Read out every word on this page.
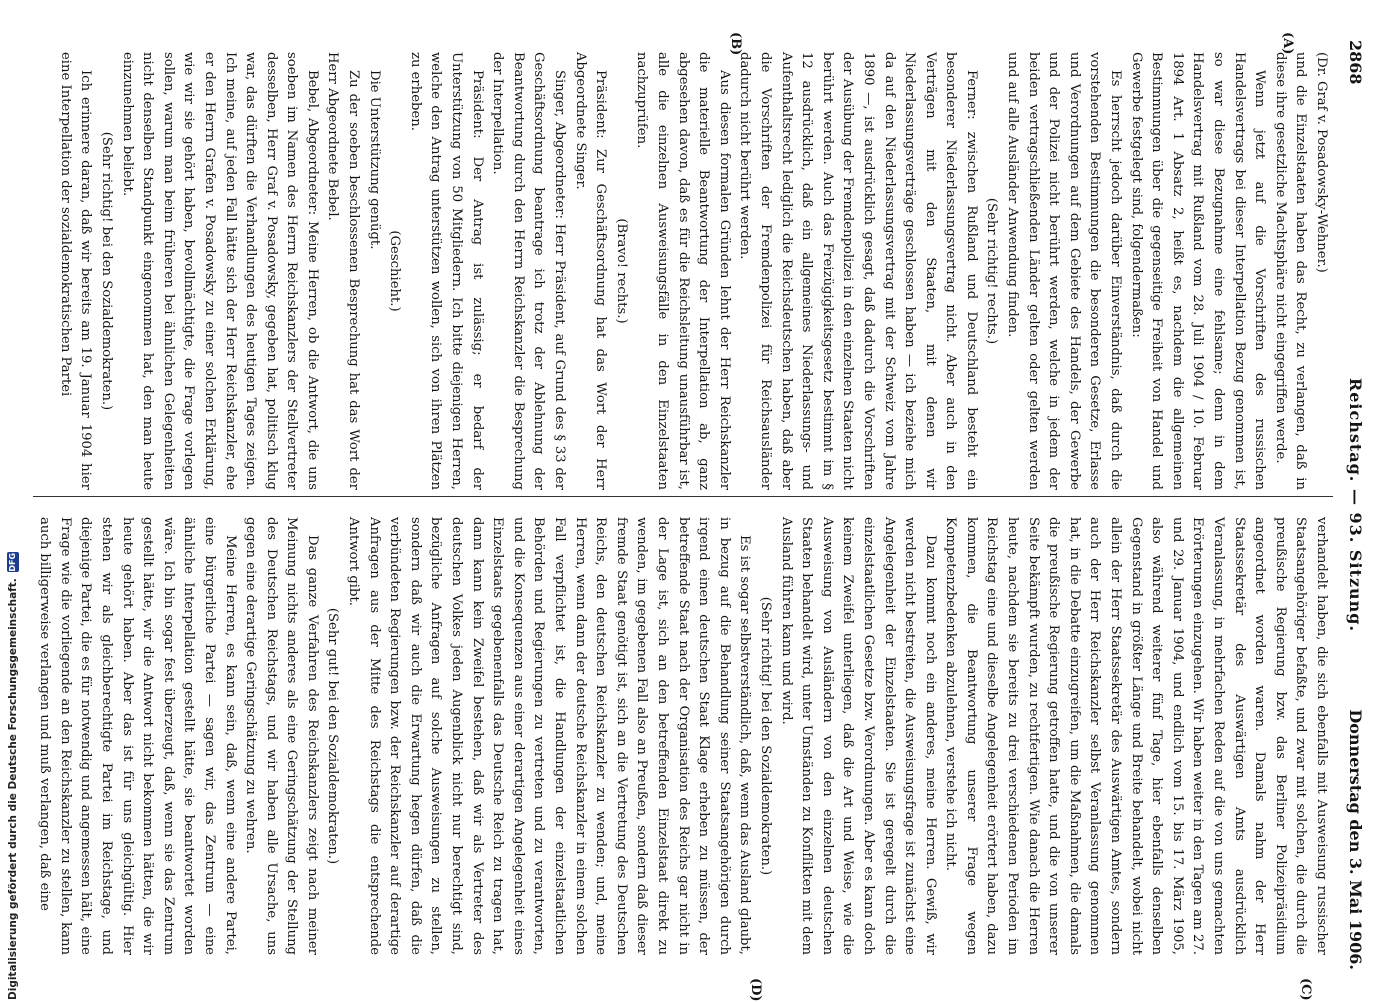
2868
Reichstag. — 93. Sitzung.
Donnerstag den 3. Mai 1906.
(A)
(B)
(C)
(D)

(Dr. Graf v. Posadowsky-Wehner.)

und die Einzelstaaten haben das Recht, zu verlangen, daß in diese ihre gesetzliche Machtsphäre nicht eingegriffen werde.

Wenn jetzt auf die Vorschriften des russischen Handelsvertrags bei dieser Interpellation Bezug genommen ist, so war diese Bezugnahme eine fehlsame; denn in dem Handelsvertrag mit Rußland vom 28. Juli 1904 / 10. Februar 1894 Art. 1 Absatz 2, heißt es, nachdem die allgemeinen Bestimmungen über die gegenseitige Freiheit von Handel und Gewerbe festgelegt sind, folgendermaßen:

Es herrscht jedoch darüber Einverständnis, daß durch die vorstehenden Bestimmungen die besonderen Gesetze, Erlasse und Verordnungen auf dem Gebiete des Handels, der Gewerbe und der Polizei nicht berührt werden, welche in jedem der beiden vertragschließenden Länder gelten oder gelten werden und auf alle Ausländer Anwendung finden.

(Sehr richtig! rechts.)

Ferner: zwischen Rußland und Deutschland besteht ein besonderer Niederlassungsvertrag nicht. Aber auch in den Verträgen mit den Staaten, mit denen wir Niederlassungsverträge geschlossen haben — ich beziehe mich da auf den Niederlassungsvertrag mit der Schweiz vom Jahre 1890 —, ist ausdrücklich gesagt, daß dadurch die Vorschriften der Ausübung der Fremdenpolizei in den einzelnen Staaten nicht berührt werden. Auch das Freizügigkeitsgesetz bestimmt im § 12 ausdrücklich, daß ein allgemeines Niederlassungs- und Aufenthaltsrecht lediglich die Reichsdeutschen haben, daß aber die Vorschriften der Fremdenpolizei für Reichsausländer dadurch nicht berührt werden.

Aus diesen formalen Gründen lehnt der Herr Reichskanzler die materielle Beantwortung der Interpellation ab, ganz abgesehen davon, daß es für die Reichsleitung unausführbar ist, alle die einzelnen Ausweisungsfälle in den Einzelstaaten nachzuprüfen.

(Bravo! rechts.)

Präsident: Zur Geschäftsordnung hat das Wort der Herr Abgeordnete Singer.

Singer, Abgeordneter: Herr Präsident, auf Grund des § 33 der Geschäftsordnung beantrage ich trotz der Ablehnung der Beantwortung durch den Herrn Reichskanzler die Besprechung der Interpellation.

Präsident: Der Antrag ist zulässig; er bedarf der Unterstützung von 50 Mitgliedern. Ich bitte diejenigen Herren, welche den Antrag unterstützen wollen, sich von ihren Plätzen zu erheben.

(Geschieht.)

Die Unterstützung genügt.

Zu der soeben beschlossenen Besprechung hat das Wort der Herr Abgeordnete Bebel.

Bebel, Abgeordneter: Meine Herren, ob die Antwort, die uns soeben im Namen des Herrn Reichskanzlers der Stellvertreter desselben, Herr Graf v. Posadowsky, gegeben hat, politisch klug war, das dürften die Verhandlungen des heutigen Tages zeigen. Ich meine, auf jeden Fall hätte sich der Herr Reichskanzler, ehe er den Herrn Grafen v. Posadowsky zu einer solchen Erklärung, wie wir sie gehört haben, bevollmächtigte, die Frage vorlegen sollen, warum man beim früheren bei ähnlichen Gelegenheiten nicht denselben Standpunkt eingenommen hat, den man heute einzunehmen beliebt.

(Sehr richtig! bei den Sozialdemokraten.)

Ich erinnere daran, daß wir bereits am 19. Januar 1904 hier eine Interpellation der sozialdemokratischen Partei

verhandelt haben, die sich ebenfalls mit Ausweisung russischer Staatsangehöriger befaßte, und zwar mit solchen, die durch die preußische Regierung bzw. das Berliner Polizeipräsidium angeordnet worden waren. Damals nahm der Herr Staatssekretär des Auswärtigen Amts ausdrücklich Veranlassung, in mehrfachen Reden auf die von uns gemachten Erörterungen einzugehen. Wir haben weiter in den Tagen am 27. und 29. Januar 1904, und endlich vom 15. bis 17. März 1905, also während weiterer fünf Tage, hier ebenfalls denselben Gegenstand in größter Länge und Breite behandelt, wobei nicht allein der Herr Staatssekretär des Auswärtigen Amtes, sondern auch der Herr Reichskanzler selbst Veranlassung genommen hat, in die Debatte einzugreifen, um die Maßnahmen, die damals die preußische Regierung getroffen hatte, und die von unserer Seite bekämpft wurden, zu rechtfertigen. Wie danach die Herren heute, nachdem sie bereits zu drei verschiedenen Perioden im Reichstag eine und dieselbe Angelegenheit erörtert haben, dazu kommen, die Beantwortung unserer Frage wegen Kompetenzbedenken abzulehnen, verstehe ich nicht.

Dazu kommt noch ein anderes, meine Herren. Gewiß, wir werden nicht bestreiten, die Ausweisungsfrage ist zunächst eine Angelegenheit der Einzelstaaten. Sie ist geregelt durch die einzelstaatlichen Gesetze bzw. Verordnungen. Aber es kann doch keinem Zweifel unterliegen, daß die Art und Weise, wie die Ausweisung von Ausländern von den einzelnen deutschen Staaten behandelt wird, unter Umständen zu Konflikten mit dem Ausland führen kann und wird.

(Sehr richtig! bei den Sozialdemokraten.)

Es ist sogar selbstverständlich, daß, wenn das Ausland glaubt, in bezug auf die Behandlung seiner Staatsangehörigen durch irgend einen deutschen Staat Klage erheben zu müssen, der betreffende Staat nach der Organisation des Reichs gar nicht in der Lage ist, sich an den betreffenden Einzelstaat direkt zu wenden, im gegebenen Fall also an Preußen, sondern daß dieser fremde Staat genötigt ist, sich an die Vertretung des Deutschen Reichs, den deutschen Reichskanzler zu wenden; und, meine Herren, wenn dann der deutsche Reichskanzler in einem solchen Fall verpflichtet ist, die Handlungen der einzelstaatlichen Behörden und Regierungen zu vertreten und zu verantworten, und die Konsequenzen aus einer derartigen Angelegenheit eines Einzelstaats gegebenenfalls das Deutsche Reich zu tragen hat, dann kann kein Zweifel bestehen, daß wir als Vertreter des deutschen Volkes jeden Augenblick nicht nur berechtigt sind, bezügliche Anfragen auf solche Ausweisungen zu stellen, sondern daß wir auch die Erwartung hegen dürfen, daß die verbündeten Regierungen bzw. der Reichskanzler auf derartige Anfragen aus der Mitte des Reichstags die entsprechende Antwort gibt.

(Sehr gut! bei den Sozialdemokraten.)

Das ganze Verfahren des Reichskanzlers zeigt nach meiner Meinung nichts anderes als eine Geringschätzung der Stellung des Deutschen Reichstags, und wir haben alle Ursache, uns gegen eine derartige Geringschätzung zu wehren.

Meine Herren, es kann sein, daß, wenn eine andere Partei, eine bürgerliche Partei — sagen wir, das Zentrum — eine ähnliche Interpellation gestellt hätte, sie beantwortet worden wäre. Ich bin sogar fest überzeugt, daß, wenn sie das Zentrum gestellt hätte, wir die Antwort nicht bekommen hätten, die wir heute gehört haben. Aber das ist für uns gleichgültig. Hier stehen wir als gleichberechtigte Partei im Reichstage, und diejenige Partei, die es für notwendig und angemessen hält, eine Frage wie die vorliegende an den Reichskanzler zu stellen, kann auch billigerweise verlangen und muß verlangen, daß eine

Digitalisierung gefördert durch die Deutsche Forschungsgemeinschaft.
DFG
